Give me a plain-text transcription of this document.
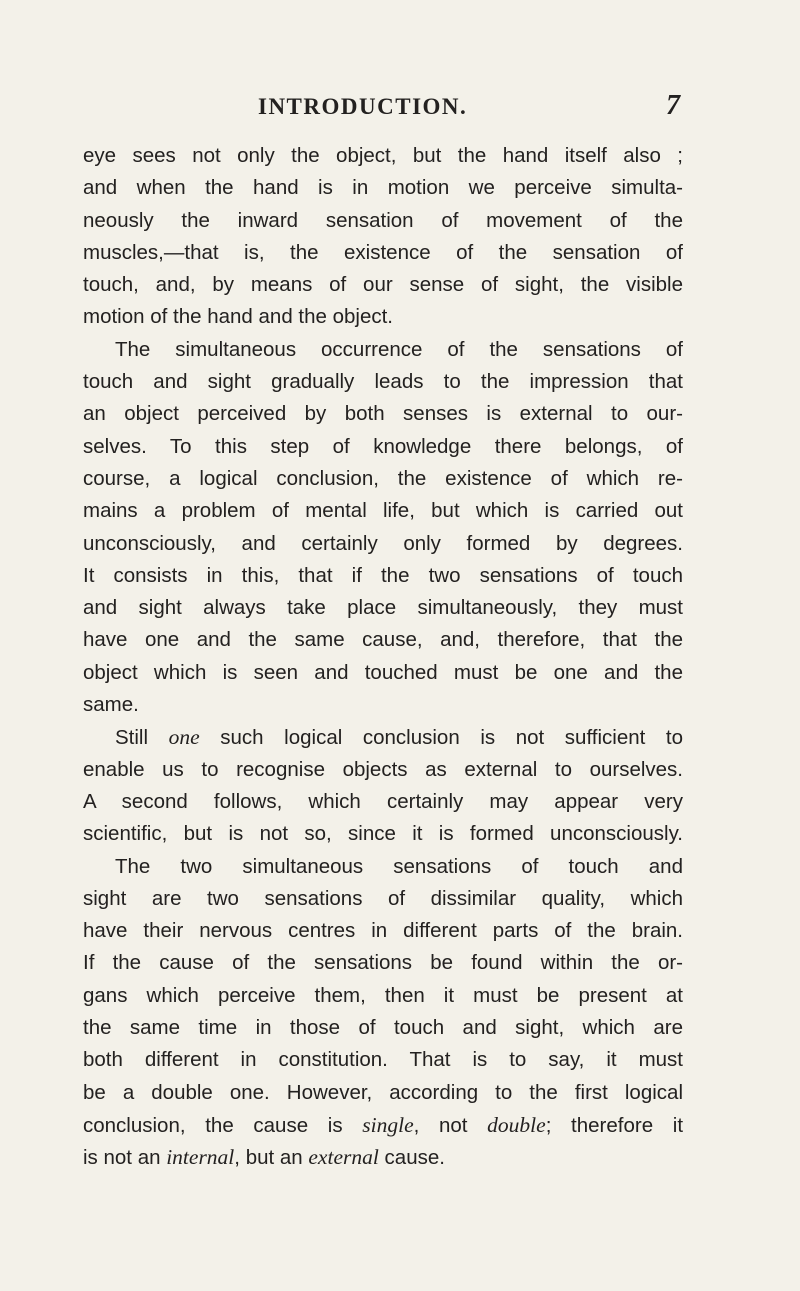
INTRODUCTION.	7
eye sees not only the object, but the hand itself also ;
and when the hand is in motion we perceive simulta-
neously the inward sensation of movement of the
muscles,—that is, the existence of the sensation of
touch, and, by means of our sense of sight, the visible
motion of the hand and the object.
The simultaneous occurrence of the sensations of
touch and sight gradually leads to the impression that
an object perceived by both senses is external to our-
selves. To this step of knowledge there belongs, of
course, a logical conclusion, the existence of which re-
mains a problem of mental life, but which is carried out
unconsciously, and certainly only formed by degrees.
It consists in this, that if the two sensations of touch
and sight always take place simultaneously, they must
have one and the same cause, and, therefore, that the
object which is seen and touched must be one and the
same.
Still one such logical conclusion is not sufficient to
enable us to recognise objects as external to ourselves.
A second follows, which certainly may appear very
scientific, but is not so, since it is formed unconsciously.
The two simultaneous sensations of touch and
sight are two sensations of dissimilar quality, which
have their nervous centres in different parts of the brain.
If the cause of the sensations be found within the or-
gans which perceive them, then it must be present at
the same time in those of touch and sight, which are
both different in constitution. That is to say, it must
be a double one. However, according to the first logical
conclusion, the cause is single, not double; therefore it
is not an internal, but an external cause.
